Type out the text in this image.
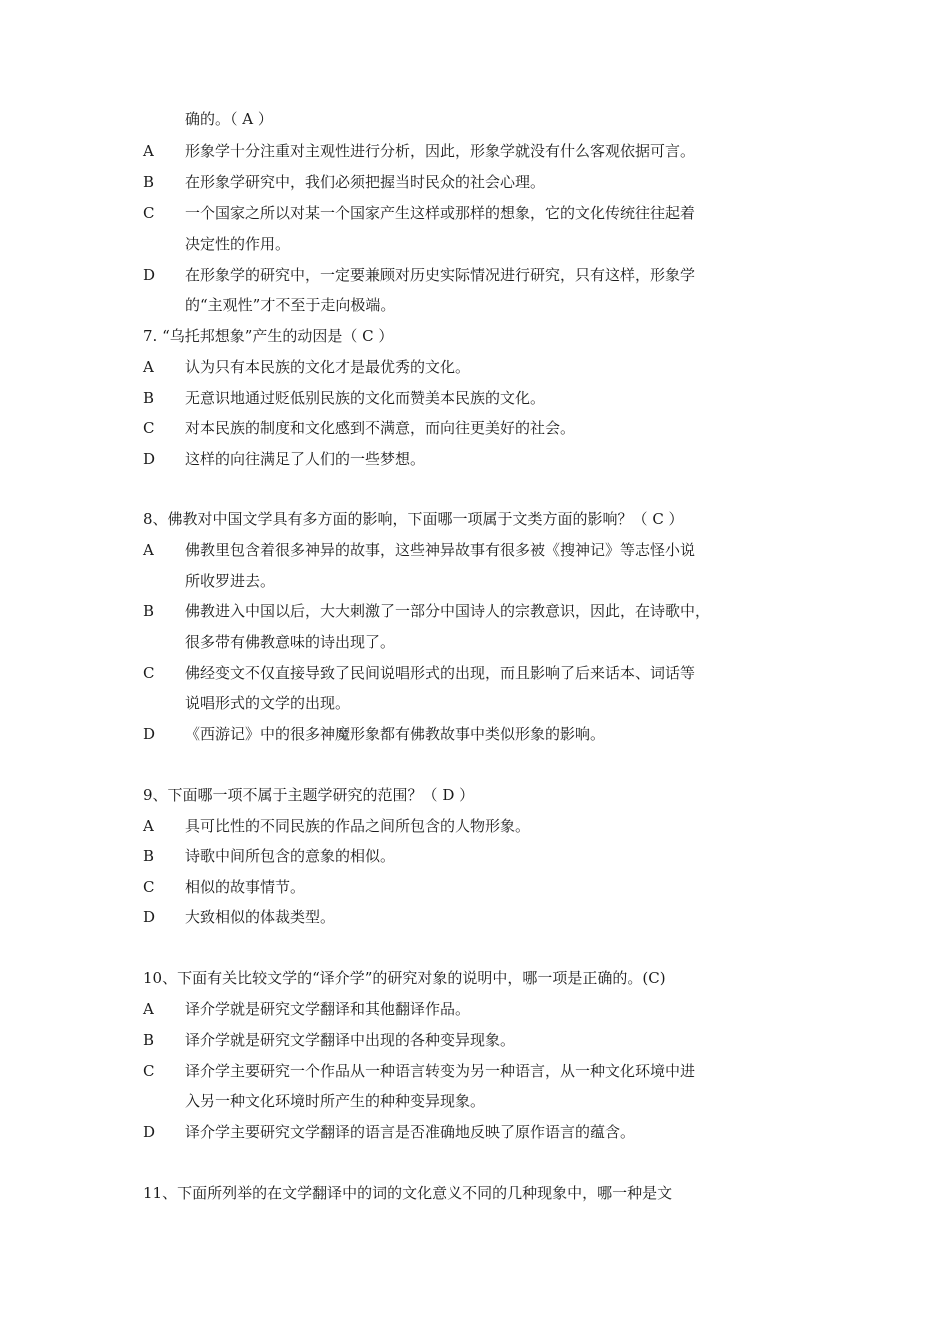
确的。（ A ）
A	形象学十分注重对主观性进行分析，因此，形象学就没有什么客观依据可言。
B	在形象学研究中，我们必须把握当时民众的社会心理。
C	一个国家之所以对某一个国家产生这样或那样的想象，它的文化传统往往起着
决定性的作用。
D	在形象学的研究中，一定要兼顾对历史实际情况进行研究，只有这样，形象学
的“主观性”才不至于走向极端。
7. “乌托邦想象”产生的动因是（ C ）
A	认为只有本民族的文化才是最优秀的文化。
B	无意识地通过贬低别民族的文化而赞美本民族的文化。
C	对本民族的制度和文化感到不满意，而向往更美好的社会。
D	这样的向往满足了人们的一些梦想。
8、佛教对中国文学具有多方面的影响，下面哪一项属于文类方面的影响？（ C ）
A	佛教里包含着很多神异的故事，这些神异故事有很多被《搜神记》等志怪小说
所收罗进去。
B	佛教进入中国以后，大大刺激了一部分中国诗人的宗教意识，因此，在诗歌中，
很多带有佛教意味的诗出现了。
C	佛经变文不仅直接导致了民间说唱形式的出现，而且影响了后来话本、词话等
说唱形式的文学的出现。
D	《西游记》中的很多神魔形象都有佛教故事中类似形象的影响。
9、下面哪一项不属于主题学研究的范围？（ D ）
A	具可比性的不同民族的作品之间所包含的人物形象。
B	诗歌中间所包含的意象的相似。
C	相似的故事情节。
D	大致相似的体裁类型。
10、下面有关比较文学的“译介学”的研究对象的说明中，哪一项是正确的。(C)
A	译介学就是研究文学翻译和其他翻译作品。
B	译介学就是研究文学翻译中出现的各种变异现象。
C	译介学主要研究一个作品从一种语言转变为另一种语言，从一种文化环境中进
入另一种文化环境时所产生的种种变异现象。
D	译介学主要研究文学翻译的语言是否准确地反映了原作语言的蕴含。
11、下面所列举的在文学翻译中的词的文化意义不同的几种现象中，哪一种是文
